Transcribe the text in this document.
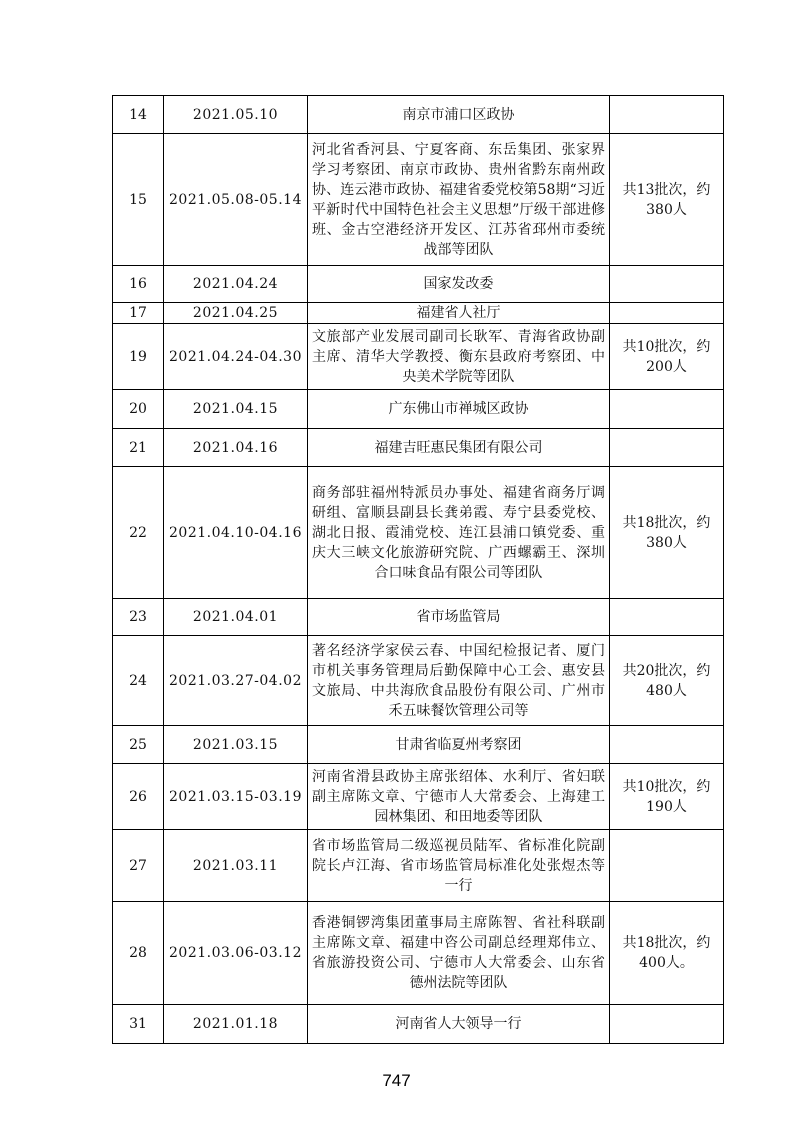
14	2021.05.10	南京市浦口区政协	
15	2021.05.08-05.14	河北省香河县、宁夏客商、东岳集团、张家界学习考察团、南京市政协、贵州省黔东南州政协、连云港市政协、福建省委党校第58期“习近平新时代中国特色社会主义思想”厅级干部进修班、金古空港经济开发区、江苏省邳州市委统战部等团队	共13批次，约380人
16	2021.04.24	国家发改委	
17	2021.04.25	福建省人社厅	
19	2021.04.24-04.30	文旅部产业发展司副司长耿军、青海省政协副主席、清华大学教授、衡东县政府考察团、中央美术学院等团队	共10批次，约200人
20	2021.04.15	广东佛山市禅城区政协	
21	2021.04.16	福建吉旺惠民集团有限公司	
22	2021.04.10-04.16	商务部驻福州特派员办事处、福建省商务厅调研组、富顺县副县长龚弟霞、寿宁县委党校、湖北日报、霞浦党校、连江县浦口镇党委、重庆大三峡文化旅游研究院、广西螺霸王、深圳合口味食品有限公司等团队	共18批次，约380人
23	2021.04.01	省市场监管局	
24	2021.03.27-04.02	著名经济学家侯云春、中国纪检报记者、厦门市机关事务管理局后勤保障中心工会、惠安县文旅局、中共海欣食品股份有限公司、广州市禾五味餐饮管理公司等	共20批次，约480人
25	2021.03.15	甘肃省临夏州考察团	
26	2021.03.15-03.19	河南省滑县政协主席张绍体、水利厅、省妇联副主席陈文章、宁德市人大常委会、上海建工园林集团、和田地委等团队	共10批次，约190人
27	2021.03.11	省市场监管局二级巡视员陆军、省标准化院副院长卢江海、省市场监管局标准化处张煜杰等一行	
28	2021.03.06-03.12	香港铜锣湾集团董事局主席陈智、省社科联副主席陈文章、福建中咨公司副总经理郑伟立、省旅游投资公司、宁德市人大常委会、山东省德州法院等团队	共18批次，约400人。
31	2021.01.18	河南省人大领导一行	
747
